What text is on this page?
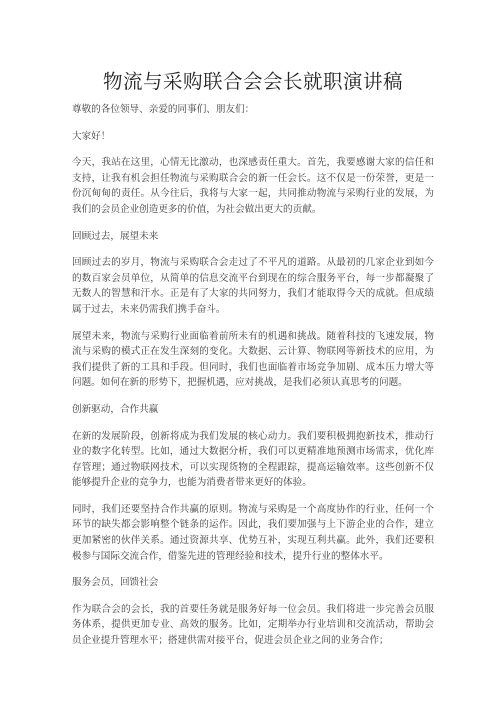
物流与采购联合会会长就职演讲稿

尊敬的各位领导、亲爱的同事们、朋友们：

大家好！

今天，我站在这里，心情无比激动，也深感责任重大。首先，我要感谢大家的信任和支持，让我有机会担任物流与采购联合会的新一任会长。这不仅是一份荣誉，更是一份沉甸甸的责任。从今往后，我将与大家一起，共同推动物流与采购行业的发展，为我们的会员企业创造更多的价值，为社会做出更大的贡献。

回顾过去，展望未来

回顾过去的岁月，物流与采购联合会走过了不平凡的道路。从最初的几家企业到如今的数百家会员单位，从简单的信息交流平台到现在的综合服务平台，每一步都凝聚了无数人的智慧和汗水。正是有了大家的共同努力，我们才能取得今天的成就。但成绩属于过去，未来仍需我们携手奋斗。

展望未来，物流与采购行业面临着前所未有的机遇和挑战。随着科技的飞速发展，物流与采购的模式正在发生深刻的变化。大数据、云计算、物联网等新技术的应用，为我们提供了新的工具和手段。但同时，我们也面临着市场竞争加剧、成本压力增大等问题。如何在新的形势下，把握机遇，应对挑战，是我们必须认真思考的问题。

创新驱动，合作共赢

在新的发展阶段，创新将成为我们发展的核心动力。我们要积极拥抱新技术，推动行业的数字化转型。比如，通过大数据分析，我们可以更精准地预测市场需求，优化库存管理；通过物联网技术，可以实现货物的全程跟踪，提高运输效率。这些创新不仅能够提升企业的竞争力，也能为消费者带来更好的体验。

同时，我们还要坚持合作共赢的原则。物流与采购是一个高度协作的行业，任何一个环节的缺失都会影响整个链条的运作。因此，我们要加强与上下游企业的合作，建立更加紧密的伙伴关系。通过资源共享、优势互补，实现互利共赢。此外，我们还要积极参与国际交流合作，借鉴先进的管理经验和技术，提升行业的整体水平。

服务会员，回馈社会

作为联合会的会长，我的首要任务就是服务好每一位会员。我们将进一步完善会员服务体系，提供更加专业、高效的服务。比如，定期举办行业培训和交流活动，帮助会员企业提升管理水平；搭建供需对接平台，促进会员企业之间的业务合作；
